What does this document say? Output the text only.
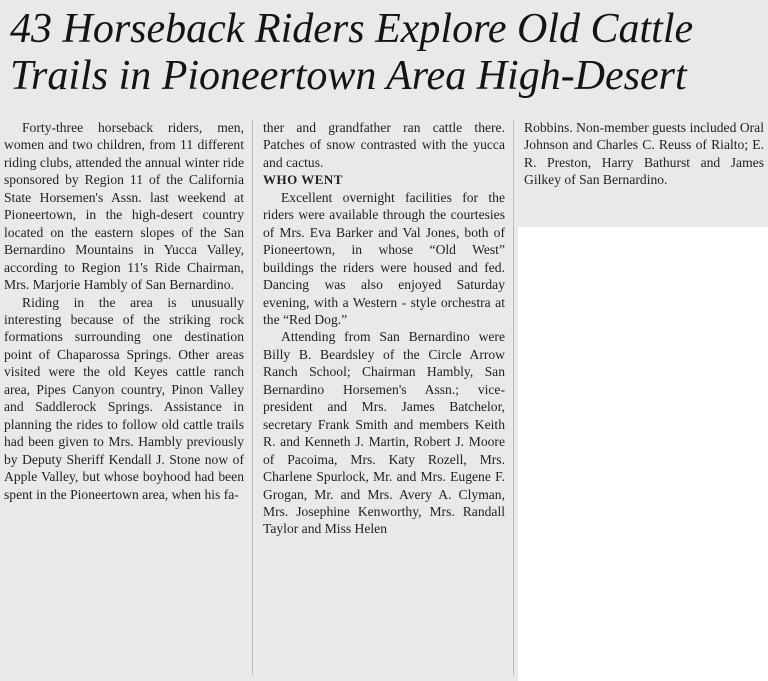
43 Horseback Riders Explore Old Cattle Trails in Pioneertown Area High-Desert

Forty-three horseback riders, men, women and two children, from 11 different riding clubs, attended the annual winter ride sponsored by Region 11 of the California State Horsemen's Assn. last weekend at Pioneertown, in the high-desert country located on the eastern slopes of the San Bernardino Mountains in Yucca Valley, according to Region 11's Ride Chairman, Mrs. Marjorie Hambly of San Bernardino.

Riding in the area is unusually interesting because of the striking rock formations surrounding one destination point of Chaparossa Springs. Other areas visited were the old Keyes cattle ranch area, Pipes Canyon country, Pinon Valley and Saddlerock Springs. Assistance in planning the rides to follow old cattle trails had been given to Mrs. Hambly previously by Deputy Sheriff Kendall J. Stone now of Apple Valley, but whose boyhood had been spent in the Pioneertown area, when his fa-

ther and grandfather ran cattle there. Patches of snow contrasted with the yucca and cactus.

WHO WENT

Excellent overnight facilities for the riders were available through the courtesies of Mrs. Eva Barker and Val Jones, both of Pioneertown, in whose “Old West” buildings the riders were housed and fed. Dancing was also enjoyed Saturday evening, with a Western - style orchestra at the “Red Dog.”

Attending from San Bernardino were Billy B. Beardsley of the Circle Arrow Ranch School; Chairman Hambly, San Bernardino Horsemen's Assn.; vice-president and Mrs. James Batchelor, secretary Frank Smith and members Keith R. and Kenneth J. Martin, Robert J. Moore of Pacoima, Mrs. Katy Rozell, Mrs. Charlene Spurlock, Mr. and Mrs. Eugene F. Grogan, Mr. and Mrs. Avery A. Clyman, Mrs. Josephine Kenworthy, Mrs. Randall Taylor and Miss Helen

Robbins. Non-member guests included Oral Johnson and Charles C. Reuss of Rialto; E. R. Preston, Harry Bathurst and James Gilkey of San Bernardino.
